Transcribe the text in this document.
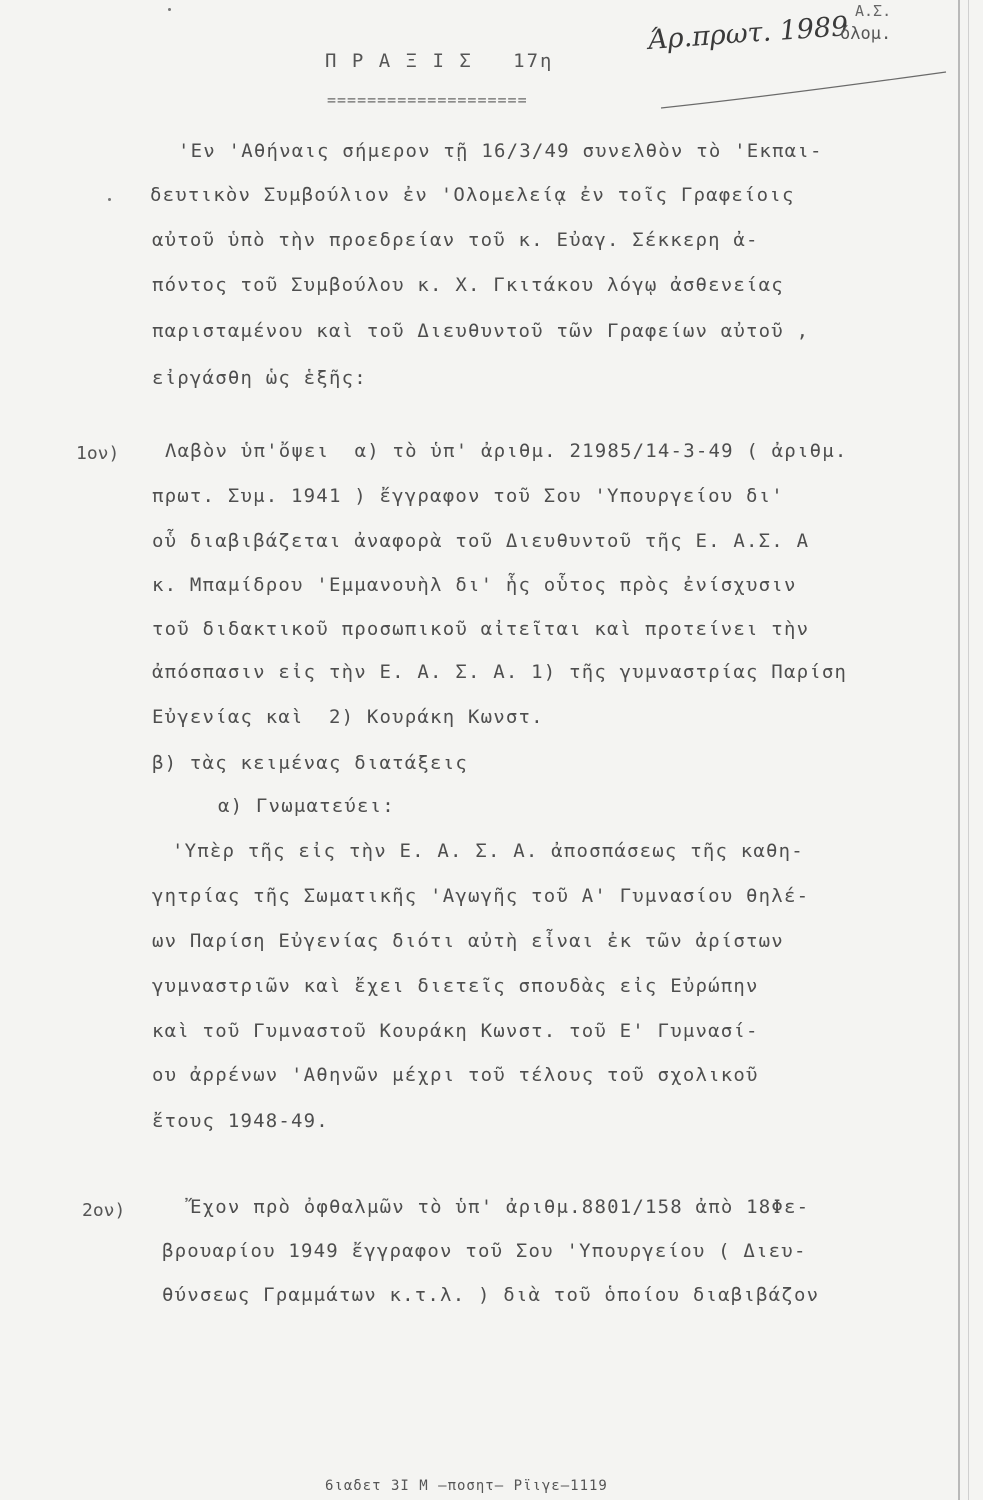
Π Ρ Α Ξ Ι Σ   17η
====================
Άρ.πρωτ. 1989
Α.Σ.
όλομ.
'Εν 'Αθήναις σήμερον τῇ 16/3/49 συνελθὸν τὸ 'Εκπαι-
δευτικὸν Συμβούλιον ἐν 'Ολομελείᾳ ἐν τοῖς Γραφείοις
αὐτοῦ ὑπὸ τὴν προεδρείαν τοῦ κ. Εὐαγ. Σέκκερη ἀ-
πόντος τοῦ Συμβούλου κ. Χ. Γκιτάκου λόγῳ ἀσθενείας
παρισταμένου καὶ τοῦ Διευθυντοῦ τῶν Γραφείων αὐτοῦ ,
εἰργάσθη ὡς ἑξῆς:
1ον) Λαβὸν ὑπ'ὄψει  α) τὸ ὑπ' ἀριθμ. 21985/14-3-49 ( ἀριθμ.
πρωτ. Συμ. 1941 ) ἔγγραφον τοῦ Σου 'Υπουργείου δι'
οὗ διαβιβάζεται ἀναφορὰ τοῦ Διευθυντοῦ τῆς Ε. Α.Σ. Α
κ. Μπαμίδρου 'Εμμανουὴλ δι' ἧς οὗτος πρὸς ἐνίσχυσιν
τοῦ διδακτικοῦ προσωπικοῦ αἰτεῖται καὶ προτείνει τὴν
ἀπόσπασιν εἰς τὴν Ε. Α. Σ. Α. 1) τῆς γυμναστρίας Παρίση
Εὐγενίας καὶ  2) Κουράκη Κωνστ.
β) τὰς κειμένας διατάξεις
α) Γνωματεύει:
'Υπὲρ τῆς εἰς τὴν Ε. Α. Σ. Α. ἀποσπάσεως τῆς καθη-
γητρίας τῆς Σωματικῆς 'Αγωγῆς τοῦ Α' Γυμνασίου θηλέ-
ων Παρίση Εὐγενίας διότι αὐτὴ εἶναι ἐκ τῶν ἀρίστων
γυμναστριῶν καὶ ἔχει διετεῖς σπουδὰς εἰς Εὐρώπην
καὶ τοῦ Γυμναστοῦ Κουράκη Κωνστ. τοῦ Ε' Γυμνασί-
ου ἀρρένων 'Αθηνῶν μέχρι τοῦ τέλους τοῦ σχολικοῦ
ἔτους 1948-49.
2ον)	Ἔχον πρὸ ὀφθαλμῶν τὸ ὑπ' ἀριθμ.8801/158 ἀπὸ 18Φε-
βρουαρίου 1949 ἔγγραφον τοῦ Σου 'Υπουργείου ( Διευ-
θύνσεως Γραμμάτων κ.τ.λ. ) διὰ τοῦ ὁποίου διαβιβάζον
6ιαδετ 3Ι Μ —ποσητ— Ρϊιγε—1119
